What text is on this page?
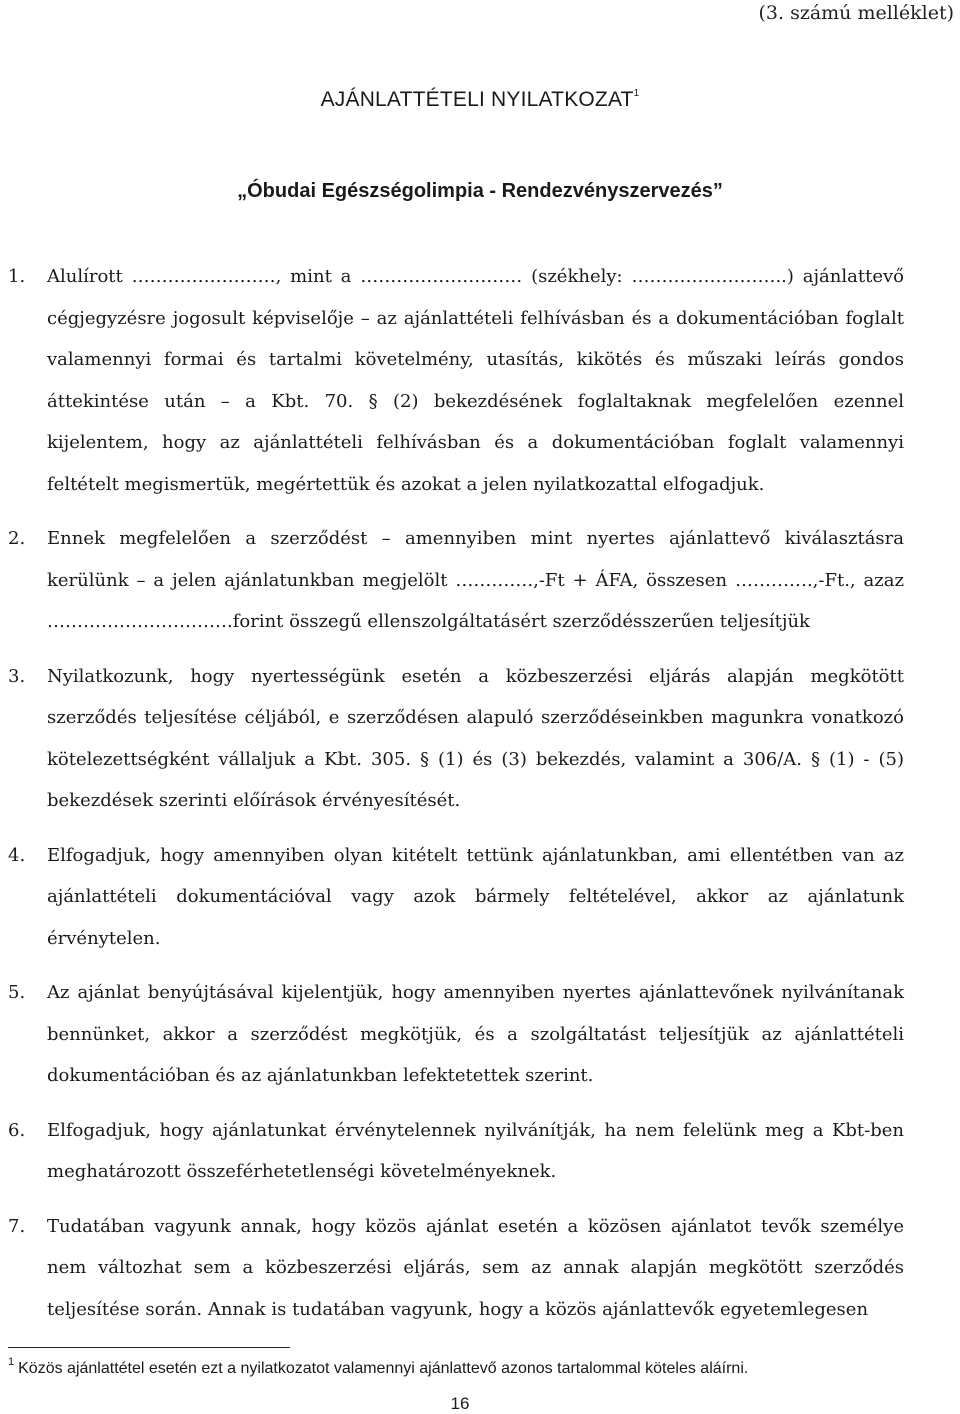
(3. számú melléklet)
AJÁNLATTÉTELI NYILATKOZAT$^1$
„Óbudai Egészségolimpia - Rendezvényszervezés”
1.	Alulírott ……………………, mint a ……………………… (székhely: ……………………..) ajánlattevő cégjegyzésre jogosult képviselője – az ajánlattételi felhívásban és a dokumentációban foglalt valamennyi formai és tartalmi követelmény, utasítás, kikötés és műszaki leírás gondos áttekintése után – a Kbt. 70. § (2) bekezdésének foglaltaknak megfelelően ezennel kijelentem, hogy az ajánlattételi felhívásban és a dokumentációban foglalt valamennyi feltételt megismertük, megértettük és azokat a jelen nyilatkozattal elfogadjuk.
2.	Ennek megfelelően a szerződést – amennyiben mint nyertes ajánlattevő kiválasztásra kerülünk – a jelen ajánlatunkban megjelölt ………….,-Ft + ÁFA, összesen ………….,-Ft., azaz ………………………….forint összegű ellenszolgáltatásért szerződésszerűen teljesítjük
3.	Nyilatkozunk, hogy nyertességünk esetén a közbeszerzési eljárás alapján megkötött szerződés teljesítése céljából, e szerződésen alapuló szerződéseinkben magunkra vonatkozó kötelezettségként vállaljuk a Kbt. 305. § (1) és (3) bekezdés, valamint a 306/A. § (1) - (5) bekezdések szerinti előírások érvényesítését.
4.	Elfogadjuk, hogy amennyiben olyan kitételt tettünk ajánlatunkban, ami ellentétben van az ajánlattételi dokumentációval vagy azok bármely feltételével, akkor az ajánlatunk érvénytelen.
5.	Az ajánlat benyújtásával kijelentjük, hogy amennyiben nyertes ajánlattevőnek nyilvánítanak bennünket, akkor a szerződést megkötjük, és a szolgáltatást teljesítjük az ajánlattételi dokumentációban és az ajánlatunkban lefektetettek szerint.
6.	Elfogadjuk, hogy ajánlatunkat érvénytelennek nyilvánítják, ha nem felelünk meg a Kbt-ben meghatározott összeférhetetlenségi követelményeknek.
7.	Tudatában vagyunk annak, hogy közös ajánlat esetén a közösen ajánlatot tevők személye nem változhat sem a közbeszerzési eljárás, sem az annak alapján megkötött szerződés teljesítése során. Annak is tudatában vagyunk, hogy a közös ajánlattevők egyetemlegesen
$^1$ Közös ajánlattétel esetén ezt a nyilatkozatot valamennyi ajánlattevő azonos tartalommal köteles aláírni.
16
